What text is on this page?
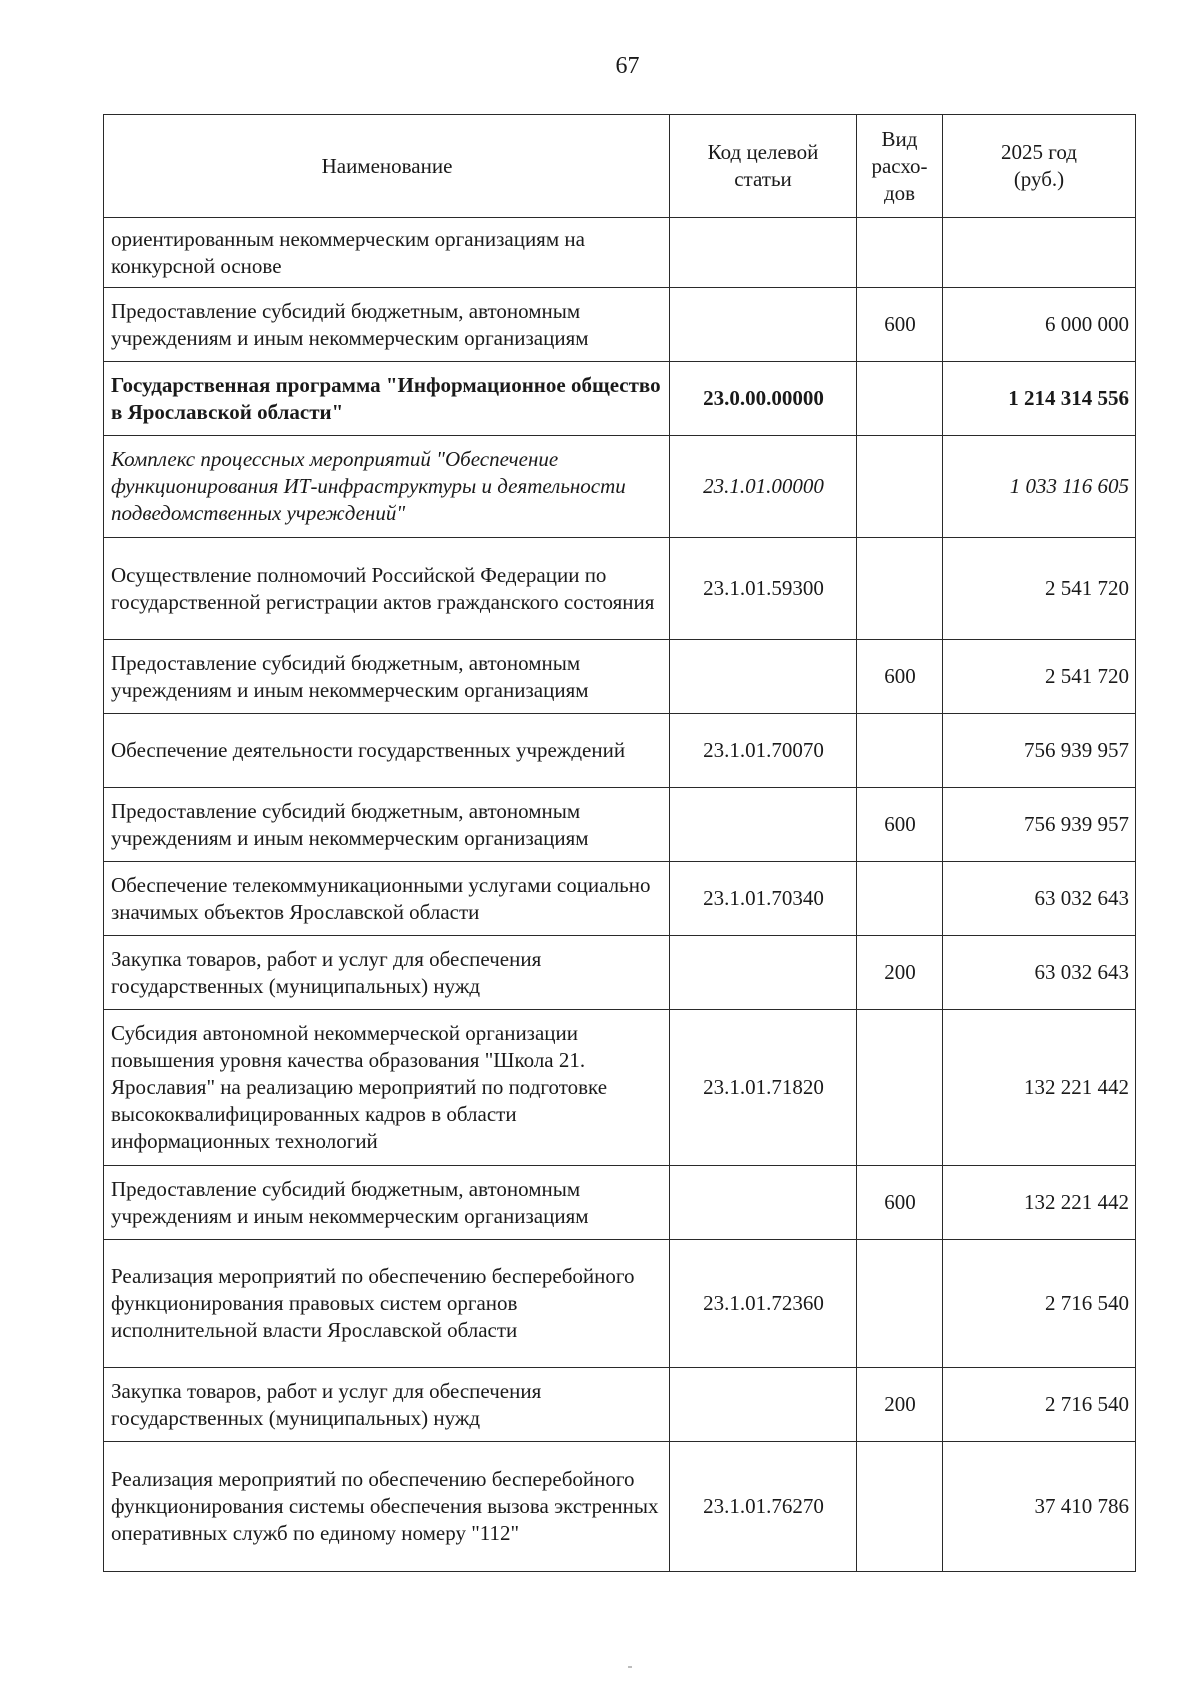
67
Наименование	Код целевой статьи	Вид расхо-дов	2025 год (руб.)
ориентированным некоммерческим организациям на конкурсной основе			
Предоставление субсидий бюджетным, автономным учреждениям и иным некоммерческим организациям		600	6 000 000
Государственная программа "Информационное общество в Ярославской области"	23.0.00.00000		1 214 314 556
Комплекс процессных мероприятий "Обеспечение функционирования ИТ-инфраструктуры и деятельности подведомственных учреждений"	23.1.01.00000		1 033 116 605
Осуществление полномочий Российской Федерации по государственной регистрации актов гражданского состояния	23.1.01.59300		2 541 720
Предоставление субсидий бюджетным, автономным учреждениям и иным некоммерческим организациям		600	2 541 720
Обеспечение деятельности государственных учреждений	23.1.01.70070		756 939 957
Предоставление субсидий бюджетным, автономным учреждениям и иным некоммерческим организациям		600	756 939 957
Обеспечение телекоммуникационными услугами социально значимых объектов Ярославской области	23.1.01.70340		63 032 643
Закупка товаров, работ и услуг для обеспечения государственных (муниципальных) нужд		200	63 032 643
Субсидия автономной некоммерческой организации повышения уровня качества образования "Школа 21. Ярославия" на реализацию мероприятий по подготовке высококвалифицированных кадров в области информационных технологий	23.1.01.71820		132 221 442
Предоставление субсидий бюджетным, автономным учреждениям и иным некоммерческим организациям		600	132 221 442
Реализация мероприятий по обеспечению бесперебойного функционирования правовых систем органов исполнительной власти Ярославской области	23.1.01.72360		2 716 540
Закупка товаров, работ и услуг для обеспечения государственных (муниципальных) нужд		200	2 716 540
Реализация мероприятий по обеспечению бесперебойного функционирования системы обеспечения вызова экстренных оперативных служб по единому номеру "112"	23.1.01.76270		37 410 786
